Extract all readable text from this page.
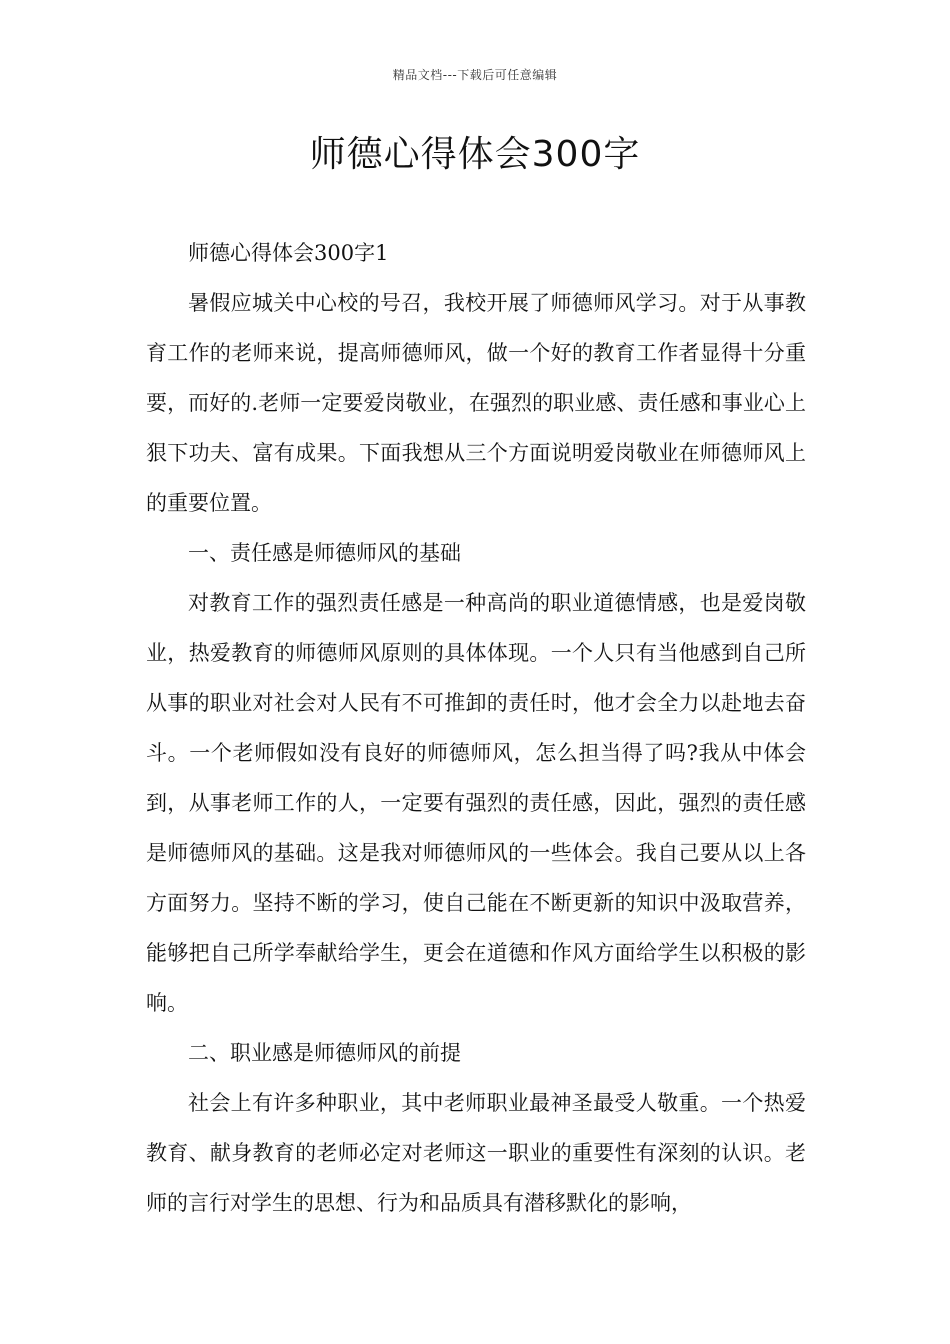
精品文档---下载后可任意编辑
师德心得体会300字

师德心得体会300字1

暑假应城关中心校的号召，我校开展了师德师风学习。对于从事教育工作的老师来说，提高师德师风，做一个好的教育工作者显得十分重要，而好的.老师一定要爱岗敬业，在强烈的职业感、责任感和事业心上狠下功夫、富有成果。下面我想从三个方面说明爱岗敬业在师德师风上的重要位置。

一、责任感是师德师风的基础

对教育工作的强烈责任感是一种高尚的职业道德情感，也是爱岗敬业，热爱教育的师德师风原则的具体体现。一个人只有当他感到自己所从事的职业对社会对人民有不可推卸的责任时，他才会全力以赴地去奋斗。一个老师假如没有良好的师德师风，怎么担当得了吗?我从中体会到，从事老师工作的人，一定要有强烈的责任感，因此，强烈的责任感是师德师风的基础。这是我对师德师风的一些体会。我自己要从以上各方面努力。坚持不断的学习，使自己能在不断更新的知识中汲取营养，能够把自己所学奉献给学生，更会在道德和作风方面给学生以积极的影响。

二、职业感是师德师风的前提

社会上有许多种职业，其中老师职业最神圣最受人敬重。一个热爱教育、献身教育的老师必定对老师这一职业的重要性有深刻的认识。老师的言行对学生的思想、行为和品质具有潜移默化的影响，
